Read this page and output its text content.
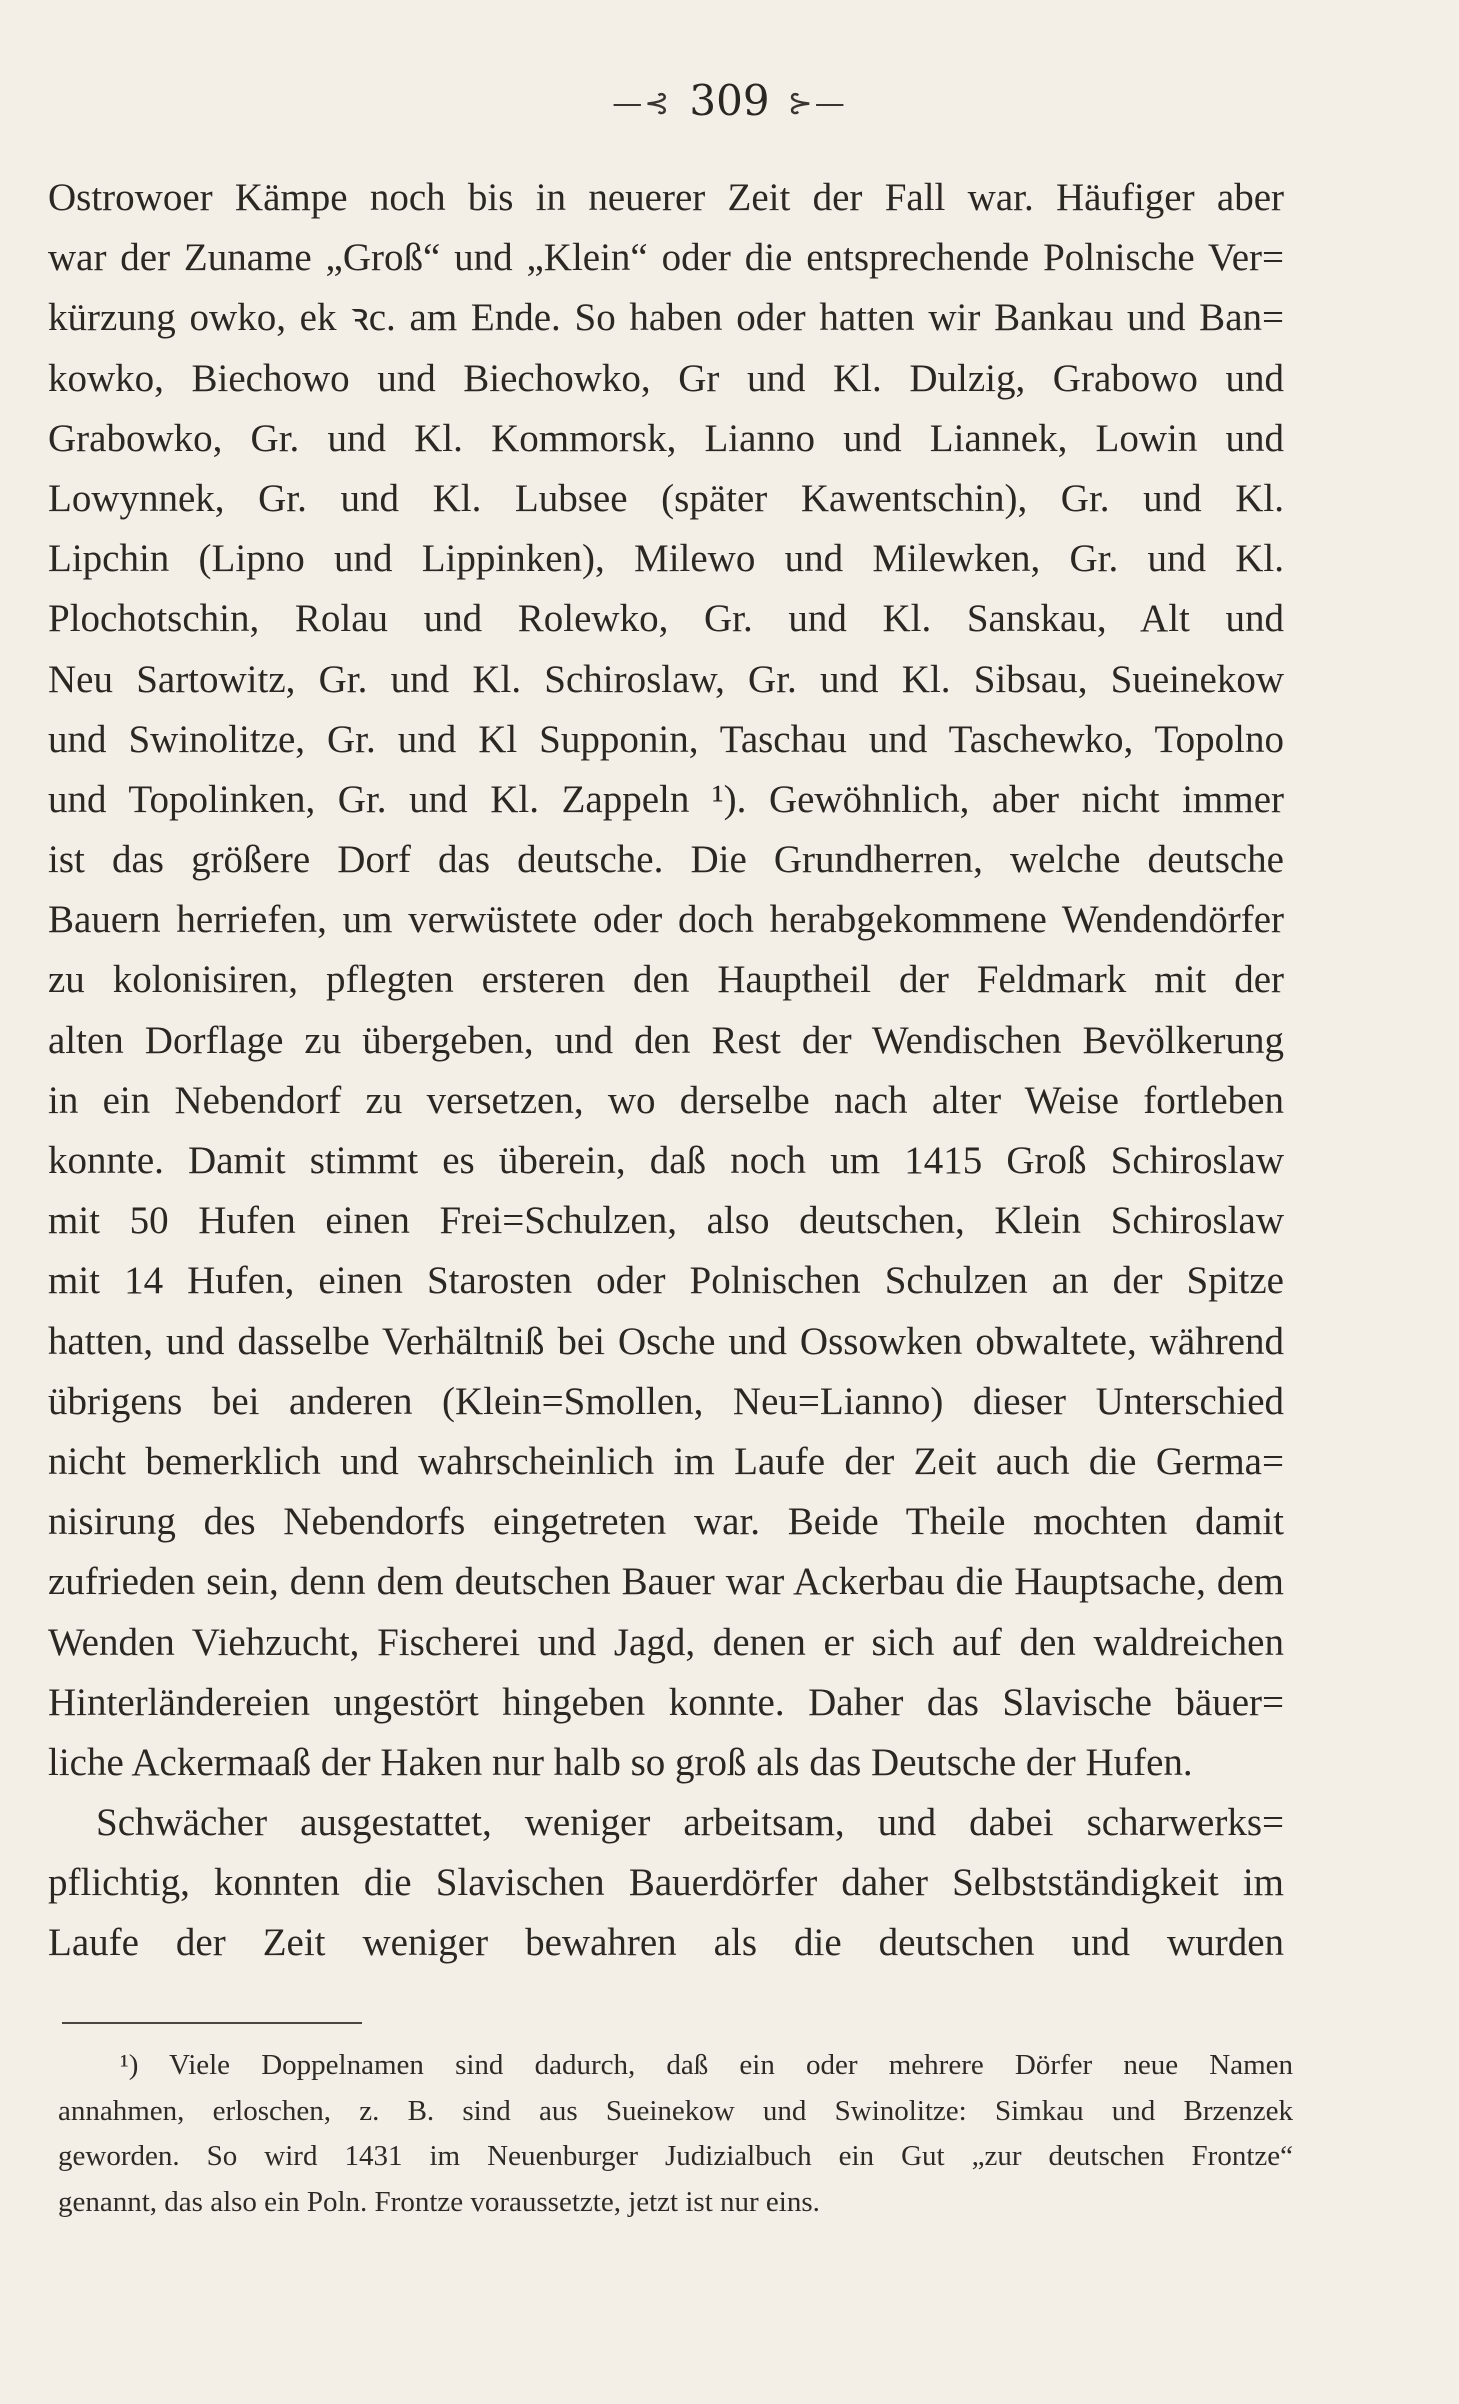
—⊰ 309 ⊱—
Ostrowoer Kämpe noch bis in neuerer Zeit der Fall war. Häufiger aber
war der Zuname „Groß“ und „Klein“ oder die entsprechende Polnische Ver=
kürzung owko, ek ꝛc. am Ende. So haben oder hatten wir Bankau und Ban=
kowko, Biechowo und Biechowko, Gr und Kl. Dulzig, Grabowo und
Grabowko, Gr. und Kl. Kommorsk, Lianno und Liannek, Lowin und
Lowynnek, Gr. und Kl. Lubsee (später Kawentschin), Gr. und Kl.
Lipchin (Lipno und Lippinken), Milewo und Milewken, Gr. und Kl.
Plochotschin, Rolau und Rolewko, Gr. und Kl. Sanskau, Alt und
Neu Sartowitz, Gr. und Kl. Schiroslaw, Gr. und Kl. Sibsau, Sueinekow
und Swinolitze, Gr. und Kl Supponin, Taschau und Taschewko, Topolno
und Topolinken, Gr. und Kl. Zappeln ¹). Gewöhnlich, aber nicht immer
ist das größere Dorf das deutsche. Die Grundherren, welche deutsche
Bauern herriefen, um verwüstete oder doch herabgekommene Wendendörfer
zu kolonisiren, pflegten ersteren den Hauptheil der Feldmark mit der
alten Dorflage zu übergeben, und den Rest der Wendischen Bevölkerung
in ein Nebendorf zu versetzen, wo derselbe nach alter Weise fortleben
konnte. Damit stimmt es überein, daß noch um 1415 Groß Schiroslaw
mit 50 Hufen einen Frei=Schulzen, also deutschen, Klein Schiroslaw
mit 14 Hufen, einen Starosten oder Polnischen Schulzen an der Spitze
hatten, und dasselbe Verhältniß bei Osche und Ossowken obwaltete, während
übrigens bei anderen (Klein=Smollen, Neu=Lianno) dieser Unterschied
nicht bemerklich und wahrscheinlich im Laufe der Zeit auch die Germa=
nisirung des Nebendorfs eingetreten war. Beide Theile mochten damit
zufrieden sein, denn dem deutschen Bauer war Ackerbau die Hauptsache, dem
Wenden Viehzucht, Fischerei und Jagd, denen er sich auf den waldreichen
Hinterländereien ungestört hingeben konnte. Daher das Slavische bäuer=
liche Ackermaaß der Haken nur halb so groß als das Deutsche der Hufen.
Schwächer ausgestattet, weniger arbeitsam, und dabei scharwerks=
pflichtig, konnten die Slavischen Bauerdörfer daher Selbstständigkeit im
Laufe der Zeit weniger bewahren als die deutschen und wurden
¹) Viele Doppelnamen sind dadurch, daß ein oder mehrere Dörfer neue Namen
annahmen, erloschen, z. B. sind aus Sueinekow und Swinolitze: Simkau und Brzenzek
geworden. So wird 1431 im Neuenburger Judizialbuch ein Gut „zur deutschen Frontze“
genannt, das also ein Poln. Frontze voraussetzte, jetzt ist nur eins.
